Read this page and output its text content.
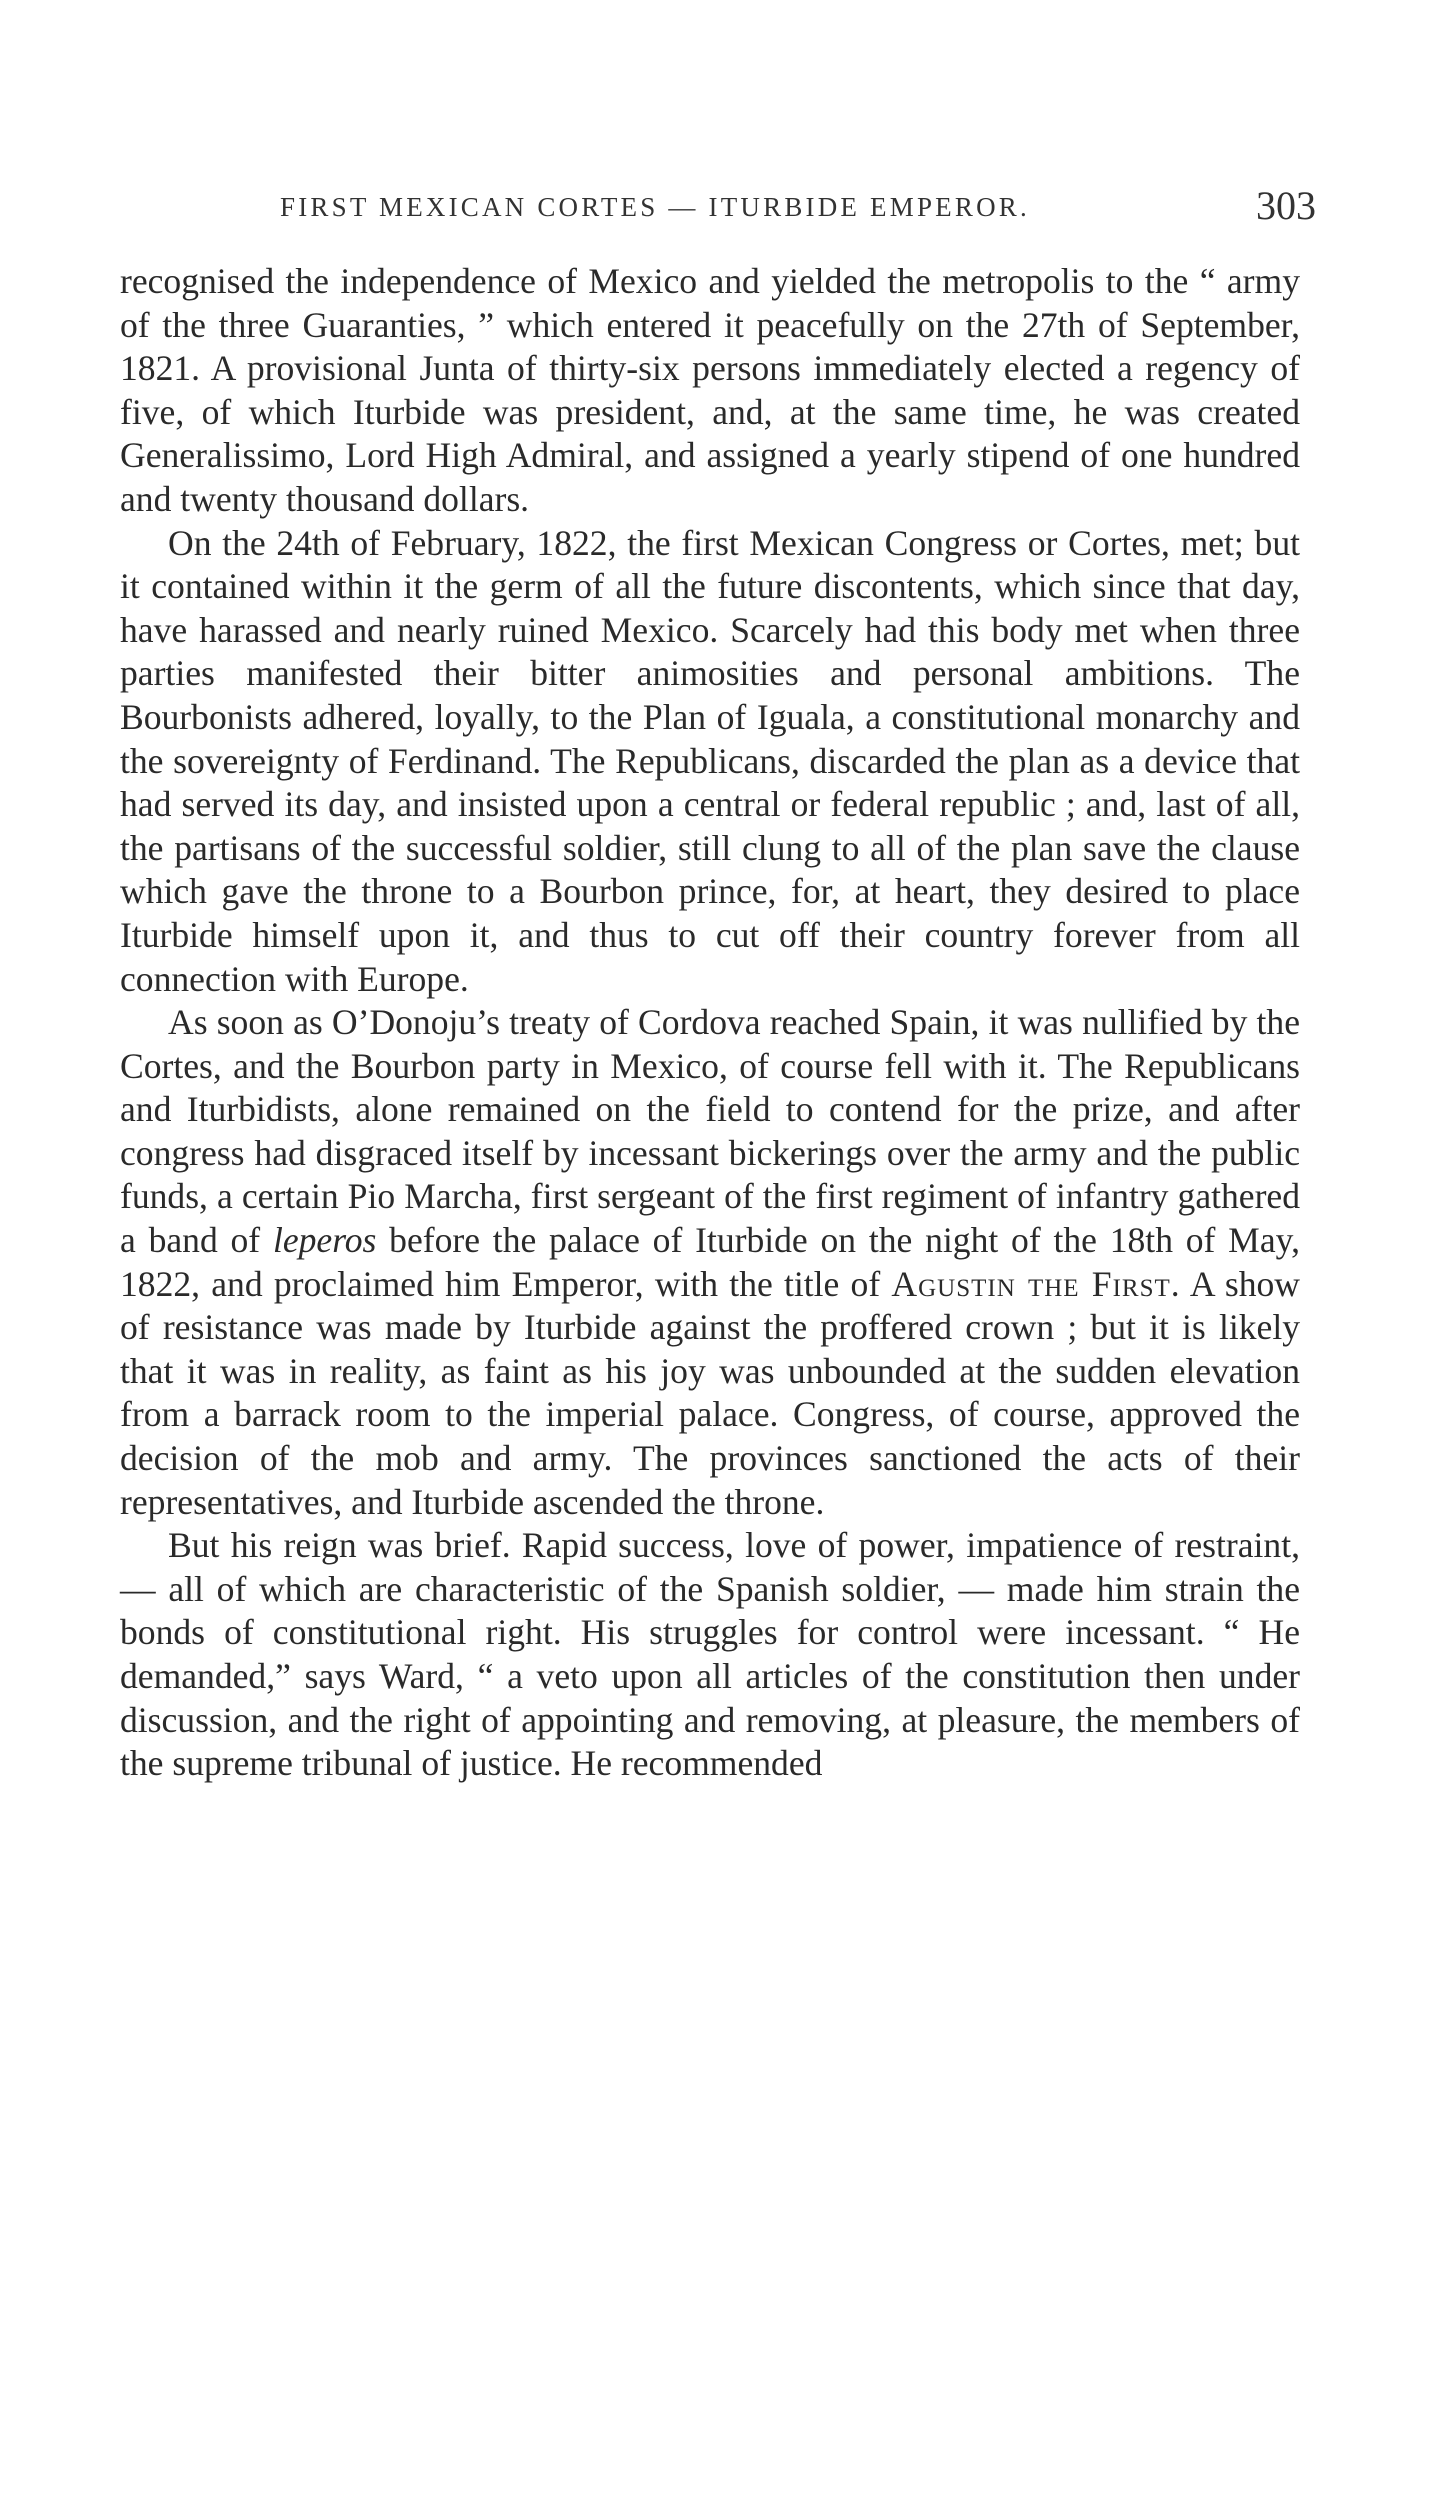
FIRST MEXICAN CORTES — ITURBIDE EMPEROR.	303

recognised the independence of Mexico and yielded the metropolis to the “ army of the three Guaranties, ” which entered it peacefully on the 27th of September, 1821. A provisional Junta of thirty-six persons immediately elected a regency of five, of which Iturbide was president, and, at the same time, he was created Generalissimo, Lord High Admiral, and assigned a yearly stipend of one hundred and twenty thousand dollars.

On the 24th of February, 1822, the first Mexican Congress or Cortes, met; but it contained within it the germ of all the future discontents, which since that day, have harassed and nearly ruined Mexico. Scarcely had this body met when three parties manifested their bitter animosities and personal ambitions. The Bourbonists adhered, loyally, to the Plan of Iguala, a constitutional monarchy and the sovereignty of Ferdinand. The Republicans, discarded the plan as a device that had served its day, and insisted upon a central or federal republic ; and, last of all, the partisans of the successful soldier, still clung to all of the plan save the clause which gave the throne to a Bourbon prince, for, at heart, they desired to place Iturbide himself upon it, and thus to cut off their country forever from all connection with Europe.

As soon as O’Donoju’s treaty of Cordova reached Spain, it was nullified by the Cortes, and the Bourbon party in Mexico, of course fell with it. The Republicans and Iturbidists, alone remained on the field to contend for the prize, and after congress had disgraced itself by incessant bickerings over the army and the public funds, a certain Pio Marcha, first sergeant of the first regiment of infantry gathered a band of leperos before the palace of Iturbide on the night of the 18th of May, 1822, and proclaimed him Emperor, with the title of Agustin the First. A show of resistance was made by Iturbide against the proffered crown ; but it is likely that it was in reality, as faint as his joy was unbounded at the sudden elevation from a barrack room to the imperial palace. Congress, of course, approved the decision of the mob and army. The provinces sanctioned the acts of their representatives, and Iturbide ascended the throne.

But his reign was brief. Rapid success, love of power, impatience of restraint, — all of which are characteristic of the Spanish soldier, — made him strain the bonds of constitutional right. His struggles for control were incessant. “ He demanded,” says Ward, “ a veto upon all articles of the constitution then under discussion, and the right of appointing and removing, at pleasure, the members of the supreme tribunal of justice. He recommended
